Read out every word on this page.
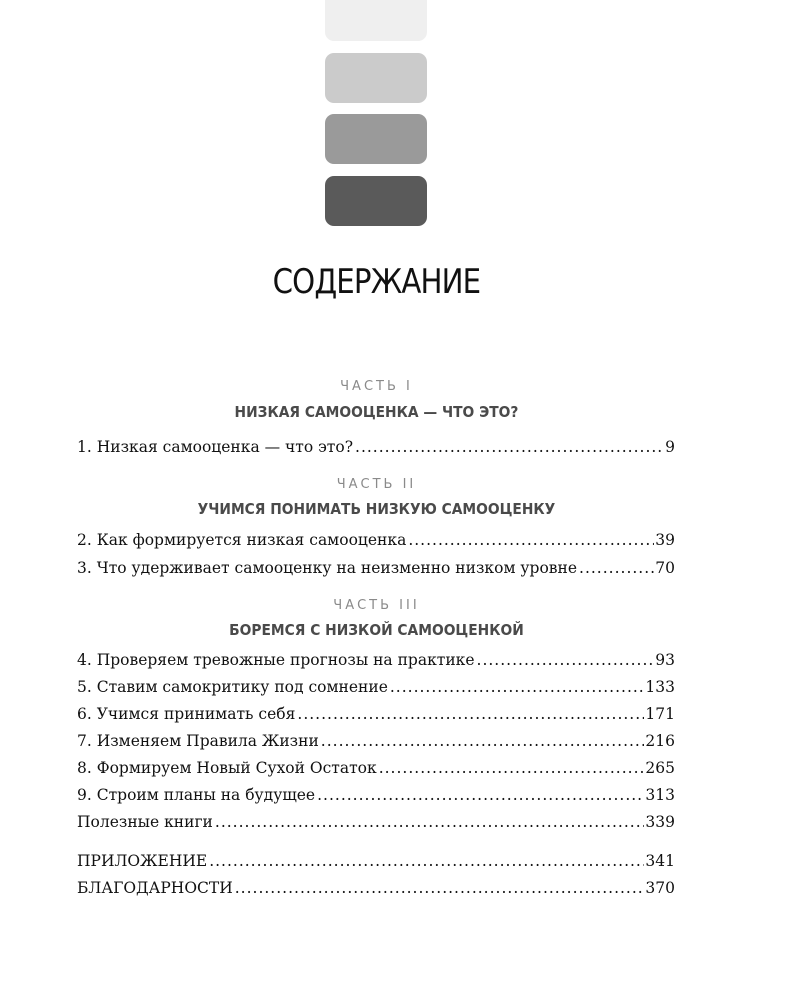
СОДЕРЖАНИЕ
ЧАСТЬ I
НИЗКАЯ САМООЦЕНКА — ЧТО ЭТО?
1. Низкая самооценка — что это? .....	9
ЧАСТЬ II
УЧИМСЯ ПОНИМАТЬ НИЗКУЮ САМООЦЕНКУ
2. Как формируется низкая самооценка .....	39
3. Что удерживает самооценку на неизменно низком уровне .....	70
ЧАСТЬ III
БОРЕМСЯ С НИЗКОЙ САМООЦЕНКОЙ
4. Проверяем тревожные прогнозы на практике .....	93
5. Ставим самокритику под сомнение .....	133
6. Учимся принимать себя .....	171
7. Изменяем Правила Жизни .....	216
8. Формируем Новый Сухой Остаток .....	265
9. Строим планы на будущее .....	313
Полезные книги .....	339
ПРИЛОЖЕНИЕ .....	341
БЛАГОДАРНОСТИ .....	370
